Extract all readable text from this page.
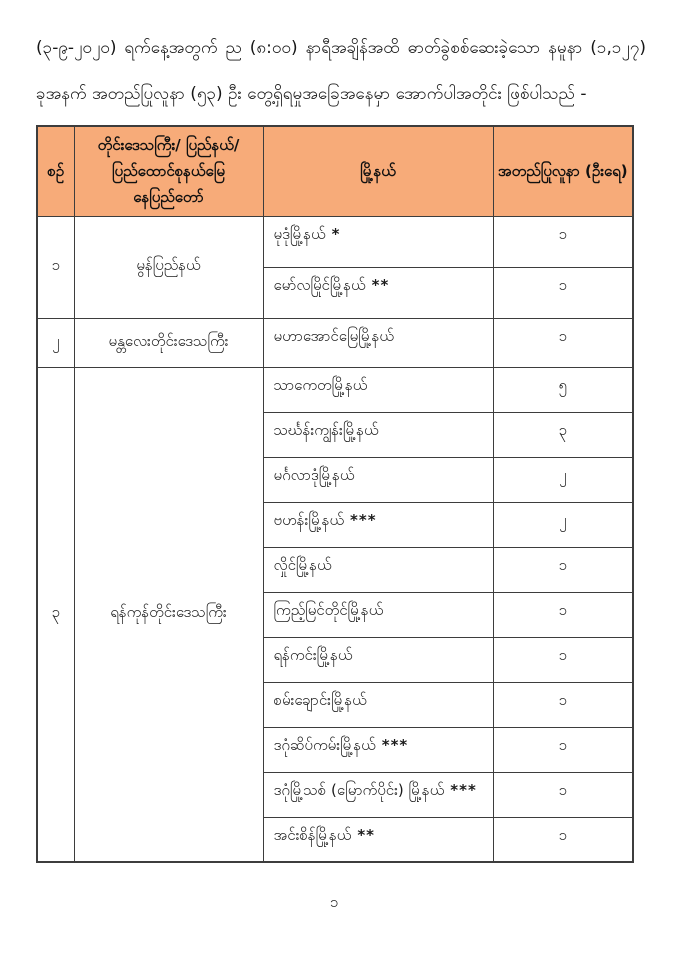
(၃-၉-၂၀၂၀) ရက်နေ့အတွက် ည (၈:၀၀) နာရီအချိန်အထိ ဓာတ်ခွဲစစ်ဆေးခဲ့သော နမူနာ (၁,၁၂၇)
ခုအနက် အတည်ပြုလူနာ (၅၃) ဦး တွေ့ရှိရမှုအခြေအနေမှာ အောက်ပါအတိုင်း ဖြစ်ပါသည် -
စဉ်	တိုင်းဒေသကြီး/ ပြည်နယ်/ ပြည်ထောင်စုနယ်မြေ နေပြည်တော်	မြို့နယ်	အတည်ပြုလူနာ (ဦးရေ)
၁	မွန်ပြည်နယ်	မုဒုံမြို့နယ် *	၁
		မော်လမြိုင်မြို့နယ် **	၁
၂	မန္တလေးတိုင်းဒေသကြီး	မဟာအောင်မြေမြို့နယ်	၁
၃	ရန်ကုန်တိုင်းဒေသကြီး	သာကေတမြို့နယ်	၅
		သင်္ဃန်းကျွန်းမြို့နယ်	၃
		မင်္ဂလာဒုံမြို့နယ်	၂
		ဗဟန်းမြို့နယ် ***	၂
		လှိုင်မြို့နယ်	၁
		ကြည့်မြင်တိုင်မြို့နယ်	၁
		ရန်ကင်းမြို့နယ်	၁
		စမ်းချောင်းမြို့နယ်	၁
		ဒဂုံဆိပ်ကမ်းမြို့နယ် ***	၁
		ဒဂုံမြို့သစ် (မြောက်ပိုင်း) မြို့နယ် ***	၁
		အင်းစိန်မြို့နယ် **	၁
၁
